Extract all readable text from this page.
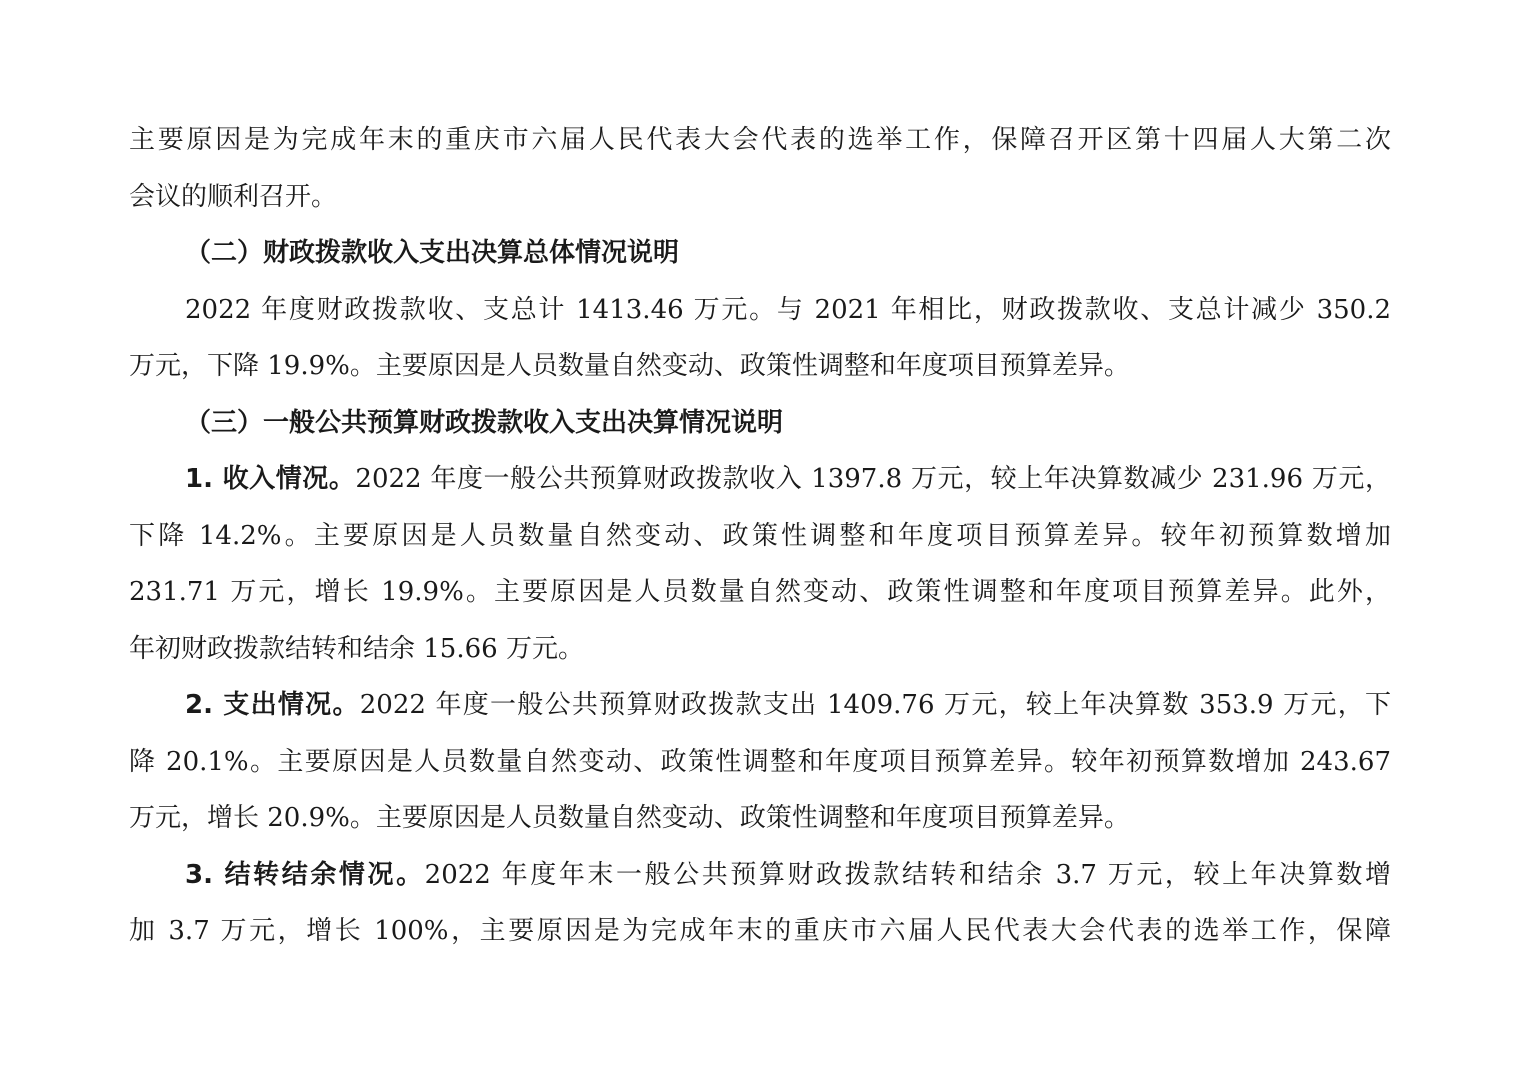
主要原因是为完成年末的重庆市六届人民代表大会代表的选举工作，保障召开区第十四届人大第二次
会议的顺利召开。
（二）财政拨款收入支出决算总体情况说明
2022 年度财政拨款收、支总计 1413.46 万元。与 2021 年相比，财政拨款收、支总计减少 350.2
万元，下降 19.9%。主要原因是人员数量自然变动、政策性调整和年度项目预算差异。
（三）一般公共预算财政拨款收入支出决算情况说明
1. 收入情况。2022 年度一般公共预算财政拨款收入 1397.8 万元，较上年决算数减少 231.96 万元，
下降 14.2%。主要原因是人员数量自然变动、政策性调整和年度项目预算差异。较年初预算数增加
231.71 万元，增长 19.9%。主要原因是人员数量自然变动、政策性调整和年度项目预算差异。此外，
年初财政拨款结转和结余 15.66 万元。
2. 支出情况。2022 年度一般公共预算财政拨款支出 1409.76 万元，较上年决算数 353.9 万元，下
降 20.1%。主要原因是人员数量自然变动、政策性调整和年度项目预算差异。较年初预算数增加 243.67
万元，增长 20.9%。主要原因是人员数量自然变动、政策性调整和年度项目预算差异。
3. 结转结余情况。2022 年度年末一般公共预算财政拨款结转和结余 3.7 万元，较上年决算数增
加 3.7 万元，增长 100%，主要原因是为完成年末的重庆市六届人民代表大会代表的选举工作，保障
